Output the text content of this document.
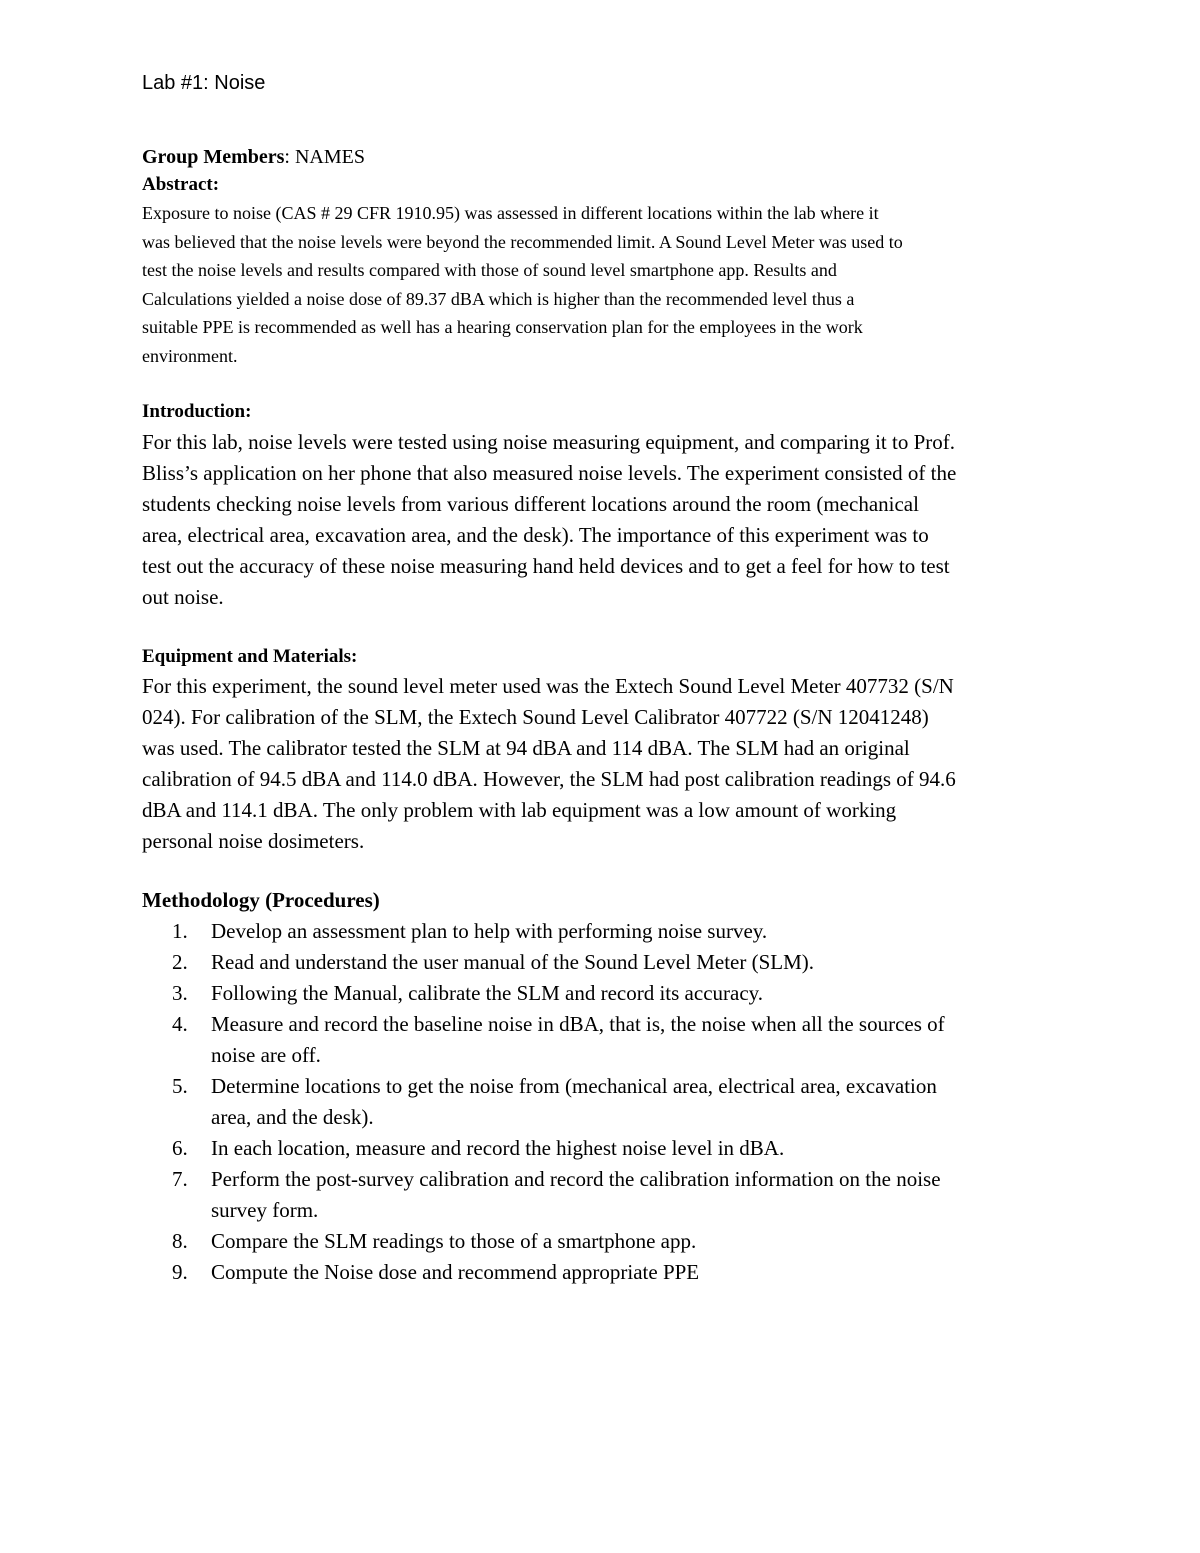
Lab #1: Noise
Group Members: NAMES
Abstract:
Exposure to noise (CAS # 29 CFR 1910.95) was assessed in different locations within the lab where it
was believed that the noise levels were beyond the recommended limit. A Sound Level Meter was used to
test the noise levels and results compared with those of sound level smartphone app. Results and
Calculations yielded a noise dose of 89.37 dBA which is higher than the recommended level thus a
suitable PPE is recommended as well has a hearing conservation plan for the employees in the work
environment.
Introduction:
For this lab, noise levels were tested using noise measuring equipment, and comparing it to Prof.
Bliss’s application on her phone that also measured noise levels. The experiment consisted of the
students checking noise levels from various different locations around the room (mechanical
area, electrical area, excavation area, and the desk). The importance of this experiment was to
test out the accuracy of these noise measuring hand held devices and to get a feel for how to test
out noise.
Equipment and Materials:
For this experiment, the sound level meter used was the Extech Sound Level Meter 407732 (S/N
024). For calibration of the SLM, the Extech Sound Level Calibrator 407722 (S/N 12041248)
was used. The calibrator tested the SLM at 94 dBA and 114 dBA. The SLM had an original
calibration of 94.5 dBA and 114.0 dBA. However, the SLM had post calibration readings of 94.6
dBA and 114.1 dBA. The only problem with lab equipment was a low amount of working
personal noise dosimeters.
Methodology (Procedures)
1. Develop an assessment plan to help with performing noise survey.
2. Read and understand the user manual of the Sound Level Meter (SLM).
3. Following the Manual, calibrate the SLM and record its accuracy.
4. Measure and record the baseline noise in dBA, that is, the noise when all the sources of
noise are off.
5. Determine locations to get the noise from (mechanical area, electrical area, excavation
area, and the desk).
6. In each location, measure and record the highest noise level in dBA.
7. Perform the post-survey calibration and record the calibration information on the noise
survey form.
8. Compare the SLM readings to those of a smartphone app.
9. Compute the Noise dose and recommend appropriate PPE
